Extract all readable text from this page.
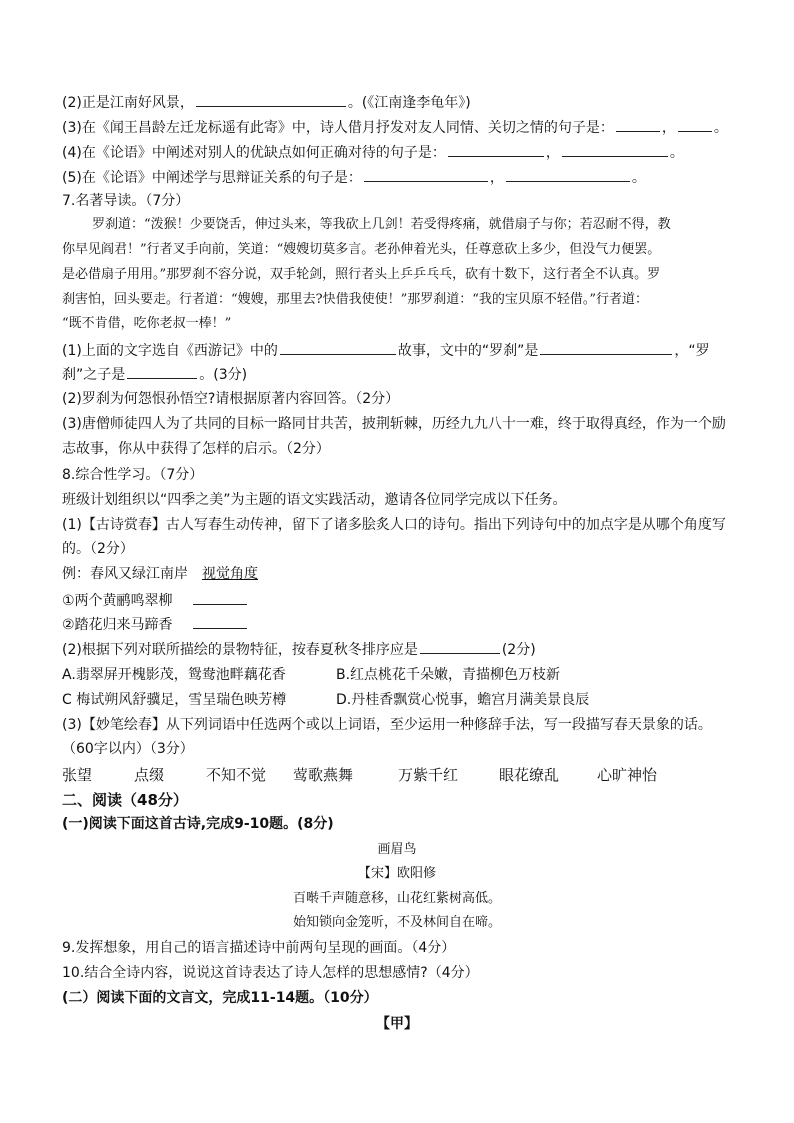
(2)正是江南好风景，	。(《江南逢李龟年》)
(3)在《闻王昌龄左迁龙标遥有此寄》中，诗人借月抒发对友人同情、关切之情的句子是：	，	。
(4)在《论语》中阐述对别人的优缺点如何正确对待的句子是：	，	。
(5)在《论语》中阐述学与思辩证关系的句子是：	，	。
7.名著导读。（7分）
罗刹道：“泼猴！少要饶舌，伸过头来，等我砍上几剑！若受得疼痛，就借扇子与你；若忍耐不得，教
你早见阎君！”行者叉手向前，笑道：“嫂嫂切莫多言。老孙伸着光头，任尊意砍上多少，但没气力便罢。
是必借扇子用用。”那罗刹不容分说，双手轮剑，照行者头上乒乒乓乓，砍有十数下，这行者全不认真。罗
刹害怕，回头要走。行者道：“嫂嫂，那里去?快借我使使！”那罗刹道：“我的宝贝原不轻借。”行者道：
“既不肯借，吃你老叔一棒！”
(1)上面的文字选自《西游记》中的	故事，文中的“罗刹”是	，“罗
刹”之子是	。(3分)
(2)罗刹为何怨恨孙悟空?请根据原著内容回答。（2分）
(3)唐僧师徒四人为了共同的目标一路同甘共苦，披荆斩棘，历经九九八十一难，终于取得真经，作为一个励
志故事，你从中获得了怎样的启示。（2分）
8.综合性学习。（7分）
班级计划组织以“四季之美”为主题的语文实践活动，邀请各位同学完成以下任务。
(1)【古诗赏春】古人写春生动传神，留下了诸多脍炙人口的诗句。指出下列诗句中的加点字是从哪个角度写
的。（2分）
例：春风又绿江南岸 视觉角度
①两个黄鹂鸣翠柳
②踏花归来马蹄香
(2)根据下列对联所描绘的景物特征，按春夏秋冬排序应是	(2分)
A.翡翠屏开槐影茂，鸳鸯池畔藕花香	B.红点桃花千朵嫩，青描柳色万枝新
C 梅试朔风舒骥足，雪呈瑞色映芳樽	D.丹桂香飘赏心悦事，蟾宫月满美景良辰
(3)【妙笔绘春】从下列词语中任选两个或以上词语，至少运用一种修辞手法，写一段描写春天景象的话。
（60字以内）（3分）
张望	点缀	不知不觉 莺歌燕舞	万紫千红	眼花缭乱	心旷神怡
二、阅读（48分）
(一)阅读下面这首古诗,完成9-10题。(8分)
画眉鸟
【宋】欧阳修
百啭千声随意移，山花红紫树高低。
始知锁向金笼听，不及林间自在啼。
9.发挥想象，用自己的语言描述诗中前两句呈现的画面。（4分）
10.结合全诗内容，说说这首诗表达了诗人怎样的思想感情?（4分）
(二）阅读下面的文言文，完成11-14题。（10分）
【甲】
